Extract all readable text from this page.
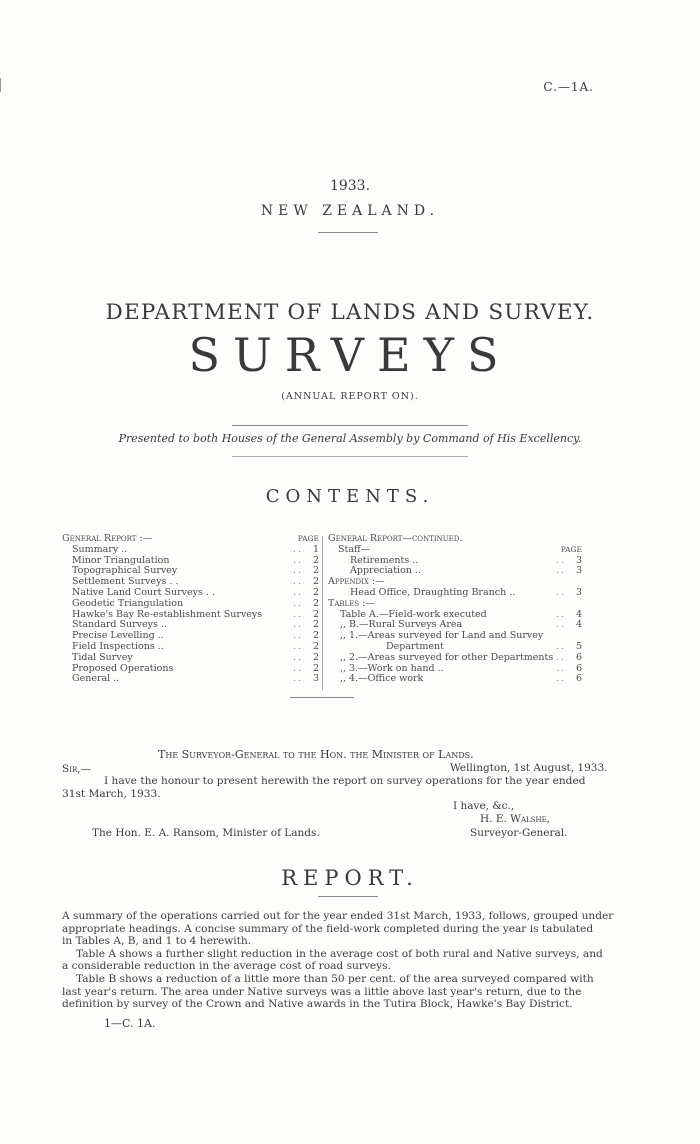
C.—1A.
1933.
NEW ZEALAND.
DEPARTMENT OF LANDS AND SURVEY.
SURVEYS
(ANNUAL REPORT ON).
Presented to both Houses of the General Assembly by Command of His Excellency.
CONTENTS.
General Report :—	PAGE
Summary ..	.. 1
Minor Triangulation	.. 2
Topographical Survey	.. 2
Settlement Surveys . .	.. 2
Native Land Court Surveys . .	.. 2
Geodetic Triangulation	.. 2
Hawke's Bay Re-establishment Surveys	.. 2
Standard Surveys ..	.. 2
Precise Levelling ..	.. 2
Field Inspections ..	.. 2
Tidal Survey	.. 2
Proposed Operations	.. 2
General ..	.. 3
General Report—continued.
Staff—	PAGE
Retirements ..	.. 3
Appreciation ..	.. 3
Appendix :—
Head Office, Draughting Branch ..	.. 3
Tables :—
Table A.—Field-work executed	.. 4
,, B.—Rural Surveys Area	.. 4
,, 1.—Areas surveyed for Land and Survey
Department	.. 5
,, 2.—Areas surveyed for other Departments .. 6
,, 3.—Work on hand ..	.. 6
,, 4.—Office work	.. 6
The Surveyor-General to the Hon. the Minister of Lands.
Sir,—	Wellington, 1st August, 1933.
I have the honour to present herewith the report on survey operations for the year ended
31st March, 1933.
I have, &c.,
H. E. Walshe,
The Hon. E. A. Ransom, Minister of Lands.	Surveyor-General.
REPORT.
A summary of the operations carried out for the year ended 31st March, 1933, follows, grouped under
appropriate headings. A concise summary of the field-work completed during the year is tabulated
in Tables A, B, and 1 to 4 herewith.
Table A shows a further slight reduction in the average cost of both rural and Native surveys, and
a considerable reduction in the average cost of road surveys.
Table B shows a reduction of a little more than 50 per cent. of the area surveyed compared with
last year's return. The area under Native surveys was a little above last year's return, due to the
definition by survey of the Crown and Native awards in the Tutira Block, Hawke's Bay District.
1—C. 1A.
